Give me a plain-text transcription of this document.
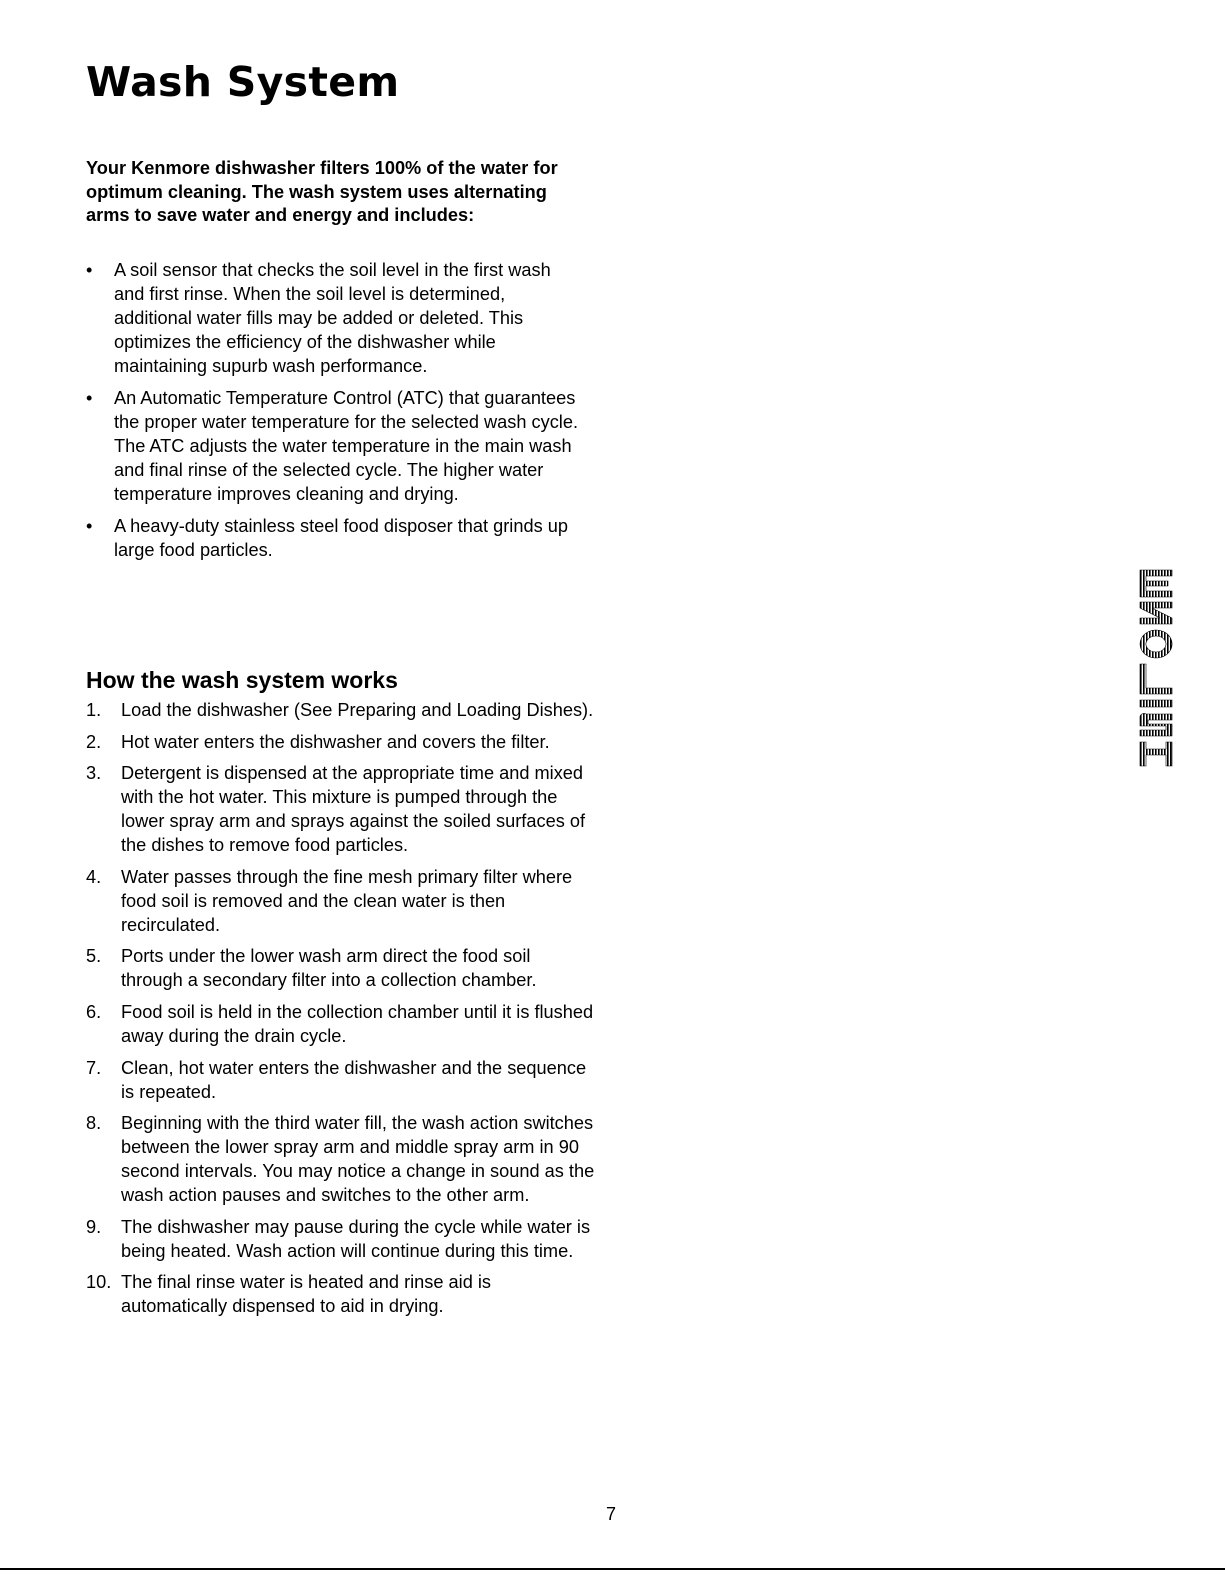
Wash System

Your Kenmore dishwasher filters 100% of the water for optimum cleaning. The wash system uses alternating arms to save water and energy and includes:

•	A soil sensor that checks the soil level in the first wash and first rinse. When the soil level is determined, additional water fills may be added or deleted. This optimizes the efficiency of the dishwasher while maintaining supurb wash performance.
•	An Automatic Temperature Control (ATC) that guarantees the proper water temperature for the selected wash cycle. The ATC adjusts the water temperature in the main wash and final rinse of the selected cycle. The higher water temperature improves cleaning and drying.
•	A heavy-duty stainless steel food disposer that grinds up large food particles.
How the wash system works
1.	Load the dishwasher (See Preparing and Loading Dishes).
2.	Hot water enters the dishwasher and covers the filter.
3.	Detergent is dispensed at the appropriate time and mixed with the hot water. This mixture is pumped through the lower spray arm and sprays against the soiled surfaces of the dishes to remove food particles.
4.	Water passes through the fine mesh primary filter where food soil is removed and the clean water is then recirculated.
5.	Ports under the lower wash arm direct the food soil through a secondary filter into a collection chamber.
6.	Food soil is held in the collection chamber until it is flushed away during the drain cycle.
7.	Clean, hot water enters the dishwasher and the sequence is repeated.
8.	Beginning with the third water fill, the wash action switches between the lower spray arm and middle spray arm in 90 second intervals. You may notice a change in sound as the wash action pauses and switches to the other arm.
9.	The dishwasher may pause during the cycle while water is being heated. Wash action will continue during this time.
10. The final rinse water is heated and rinse aid is automatically dispensed to aid in drying.
7
